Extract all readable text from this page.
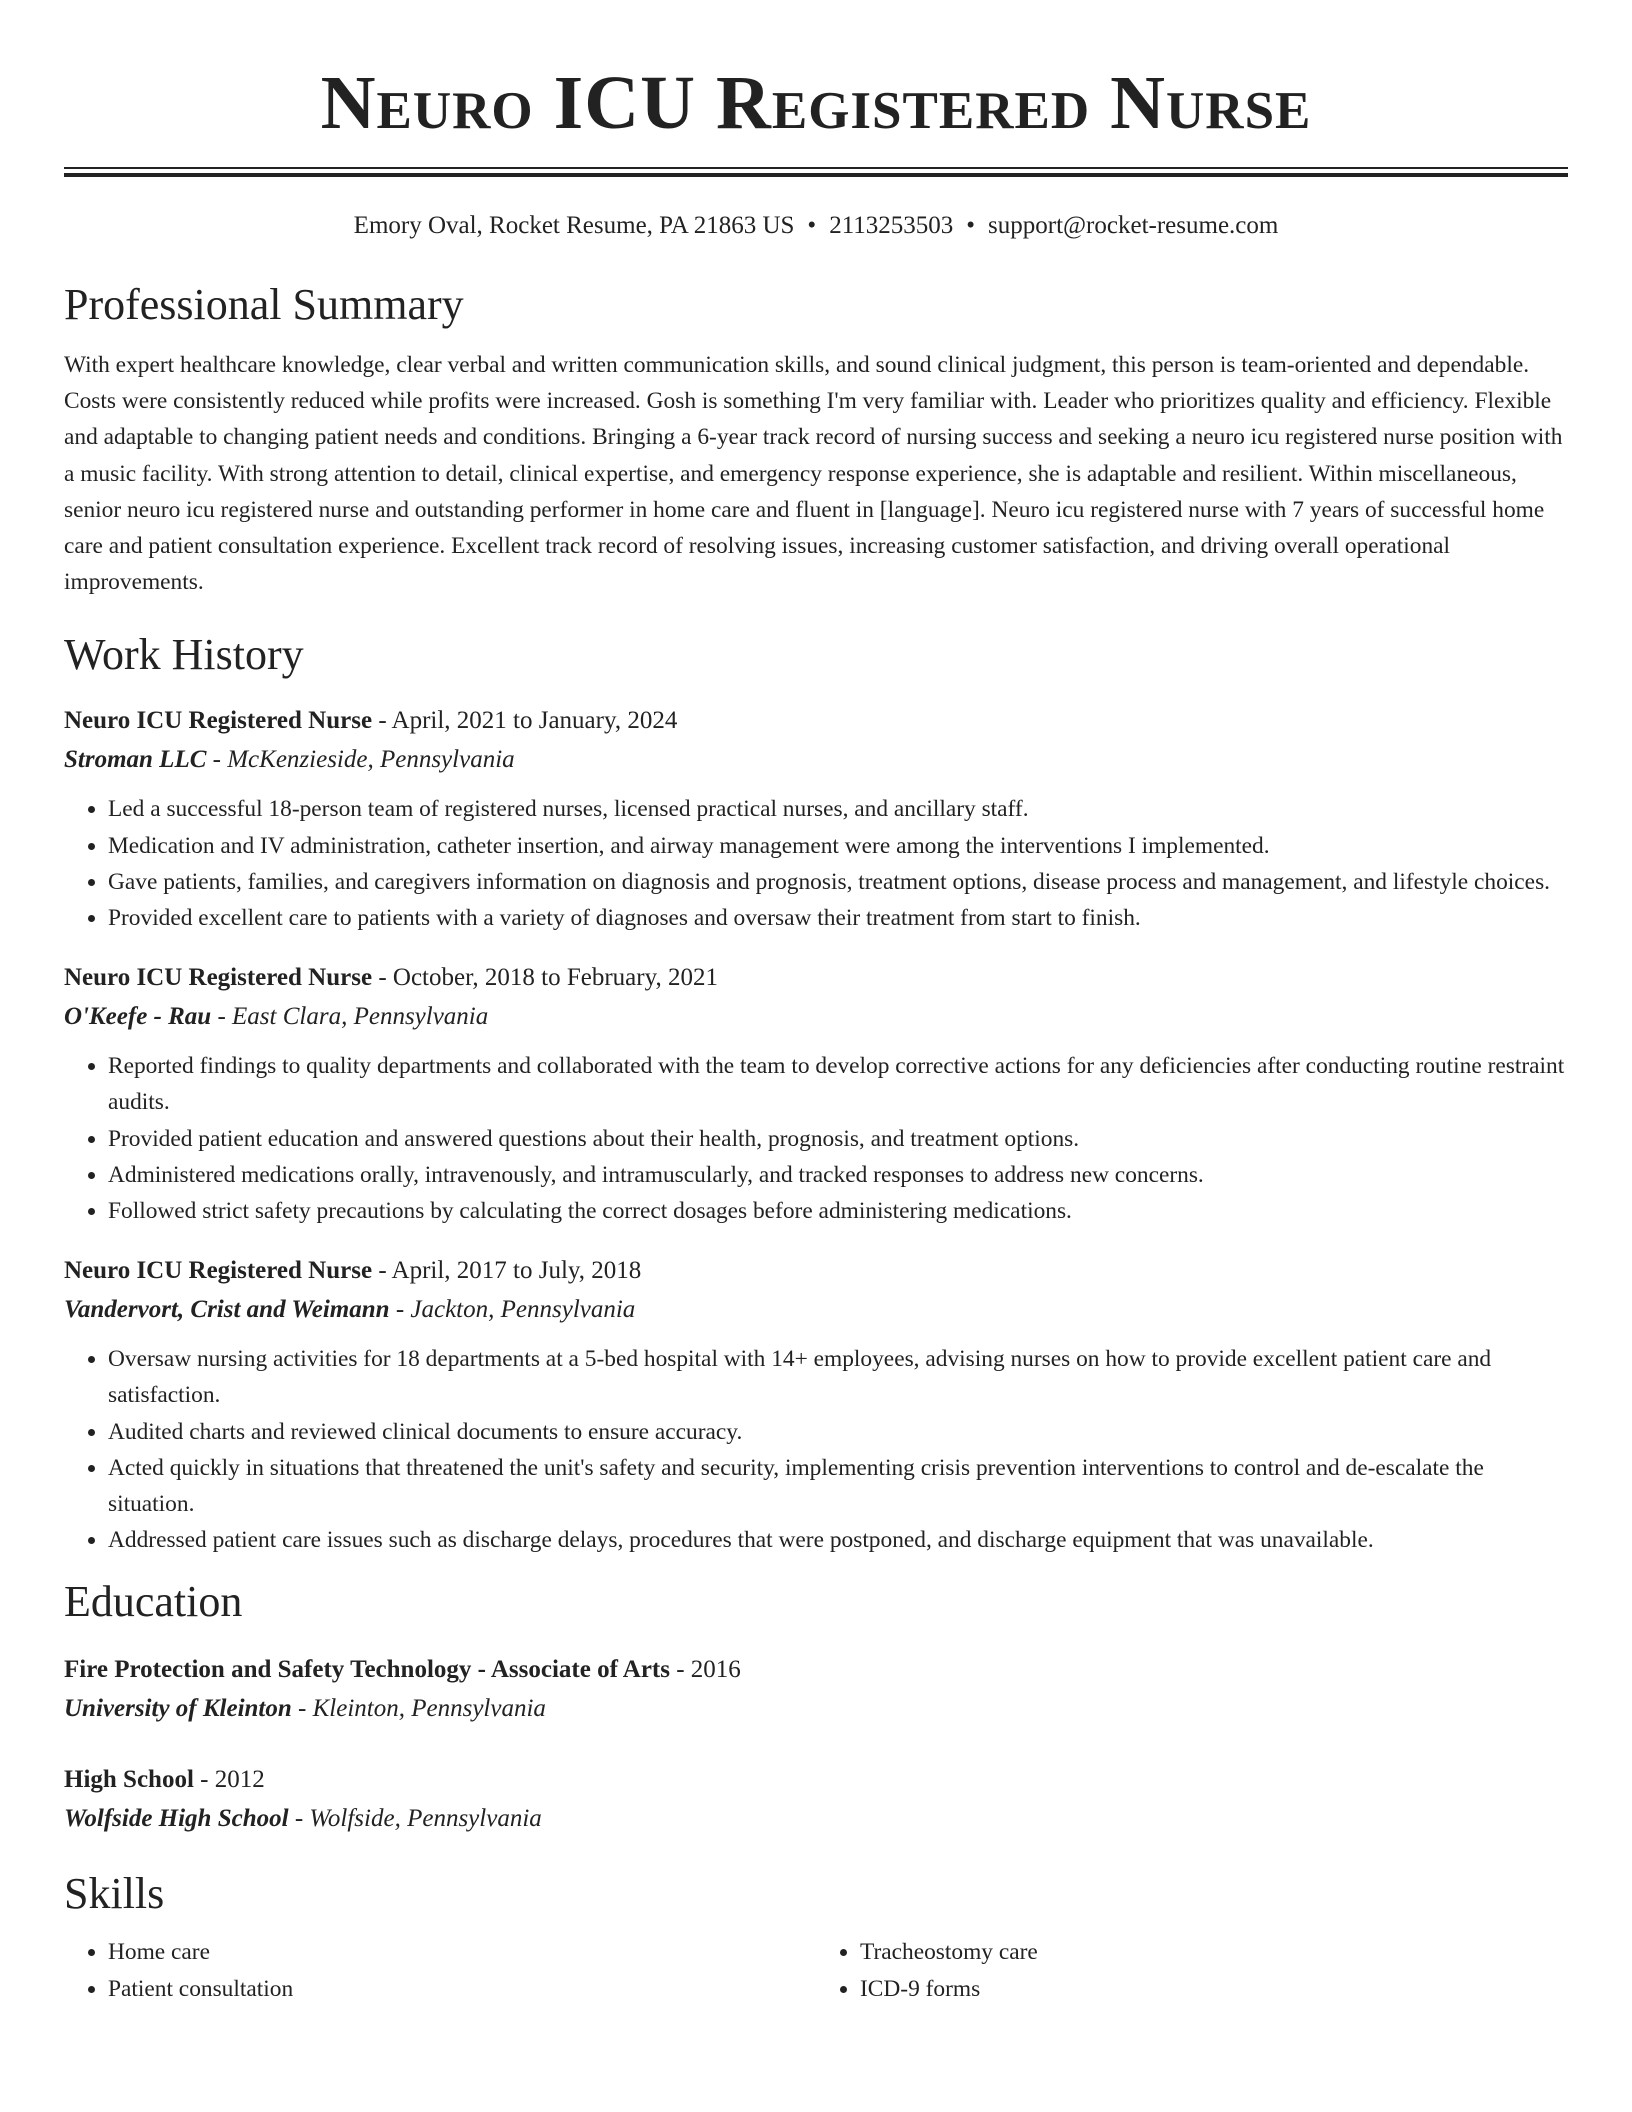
Neuro ICU Registered Nurse
Emory Oval, Rocket Resume, PA 21863 US • 2113253503 • support@rocket-resume.com
Professional Summary

With expert healthcare knowledge, clear verbal and written communication skills, and sound clinical judgment, this person is team-oriented and dependable. Costs were consistently reduced while profits were increased. Gosh is something I'm very familiar with. Leader who prioritizes quality and efficiency. Flexible and adaptable to changing patient needs and conditions. Bringing a 6-year track record of nursing success and seeking a neuro icu registered nurse position with a music facility. With strong attention to detail, clinical expertise, and emergency response experience, she is adaptable and resilient. Within miscellaneous, senior neuro icu registered nurse and outstanding performer in home care and fluent in [language]. Neuro icu registered nurse with 7 years of successful home care and patient consultation experience. Excellent track record of resolving issues, increasing customer satisfaction, and driving overall operational improvements.

Work History
Neuro ICU Registered Nurse - April, 2021 to January, 2024
Stroman LLC - McKenzieside, Pennsylvania
• Led a successful 18-person team of registered nurses, licensed practical nurses, and ancillary staff.
• Medication and IV administration, catheter insertion, and airway management were among the interventions I implemented.
• Gave patients, families, and caregivers information on diagnosis and prognosis, treatment options, disease process and management, and lifestyle choices.
• Provided excellent care to patients with a variety of diagnoses and oversaw their treatment from start to finish.
Neuro ICU Registered Nurse - October, 2018 to February, 2021
O'Keefe - Rau - East Clara, Pennsylvania
• Reported findings to quality departments and collaborated with the team to develop corrective actions for any deficiencies after conducting routine restraint audits.
• Provided patient education and answered questions about their health, prognosis, and treatment options.
• Administered medications orally, intravenously, and intramuscularly, and tracked responses to address new concerns.
• Followed strict safety precautions by calculating the correct dosages before administering medications.
Neuro ICU Registered Nurse - April, 2017 to July, 2018
Vandervort, Crist and Weimann - Jackton, Pennsylvania
• Oversaw nursing activities for 18 departments at a 5-bed hospital with 14+ employees, advising nurses on how to provide excellent patient care and satisfaction.
• Audited charts and reviewed clinical documents to ensure accuracy.
• Acted quickly in situations that threatened the unit's safety and security, implementing crisis prevention interventions to control and de-escalate the situation.
• Addressed patient care issues such as discharge delays, procedures that were postponed, and discharge equipment that was unavailable.
Education
Fire Protection and Safety Technology - Associate of Arts - 2016
University of Kleinton - Kleinton, Pennsylvania
High School - 2012
Wolfside High School - Wolfside, Pennsylvania
Skills
• Home care
• Patient consultation
• Tracheostomy care
• ICD-9 forms
